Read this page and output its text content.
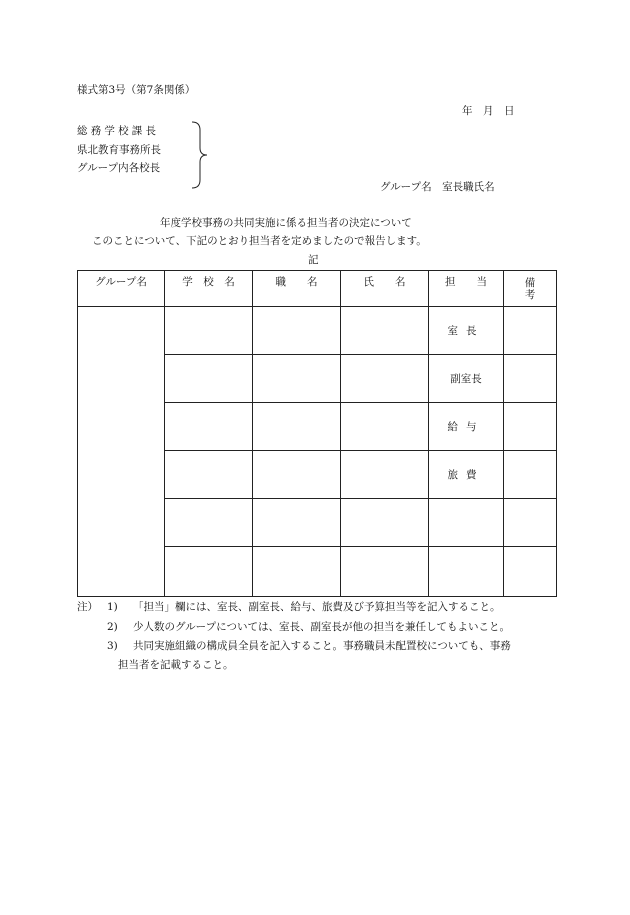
様式第3号（第7条関係）
年　月　日
総務学校課長
県北教育事務所長
グループ内各校長
グループ名　室長職氏名
年度学校事務の共同実施に係る担当者の決定について
このことについて、下記のとおり担当者を定めましたので報告します。
記
グループ名	学　校　名	職　　名	氏　　名	担　　当	備考
				室長	
				副室長	
				給与	
				旅費	

注） 1) 「担当」欄には、室長、副室長、給与、旅費及び予算担当等を記入すること。
2) 少人数のグループについては、室長、副室長が他の担当を兼任してもよいこと。
3) 共同実施組織の構成員全員を記入すること。事務職員未配置校についても、事務
担当者を記載すること。
